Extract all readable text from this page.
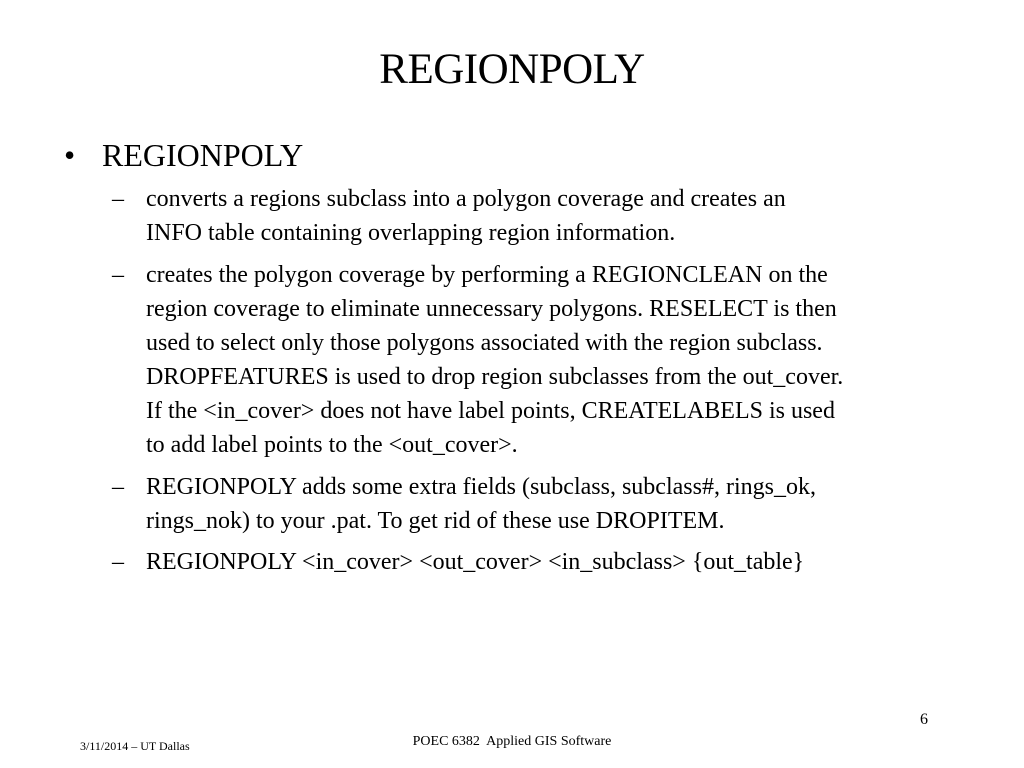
REGIONPOLY
• REGIONPOLY
– converts a regions subclass into a polygon coverage and creates an
INFO table containing overlapping region information.
– creates the polygon coverage by performing a REGIONCLEAN on the
region coverage to eliminate unnecessary polygons. RESELECT is then
used to select only those polygons associated with the region subclass.
DROPFEATURES is used to drop region subclasses from the out_cover.
If the <in_cover> does not have label points, CREATELABELS is used
to add label points to the <out_cover>.
– REGIONPOLY adds some extra fields (subclass, subclass#, rings_ok,
rings_nok) to your .pat. To get rid of these use DROPITEM.
– REGIONPOLY <in_cover> <out_cover> <in_subclass> {out_table}
6
3/11/2014 – UT Dallas	POEC 6382  Applied GIS Software
